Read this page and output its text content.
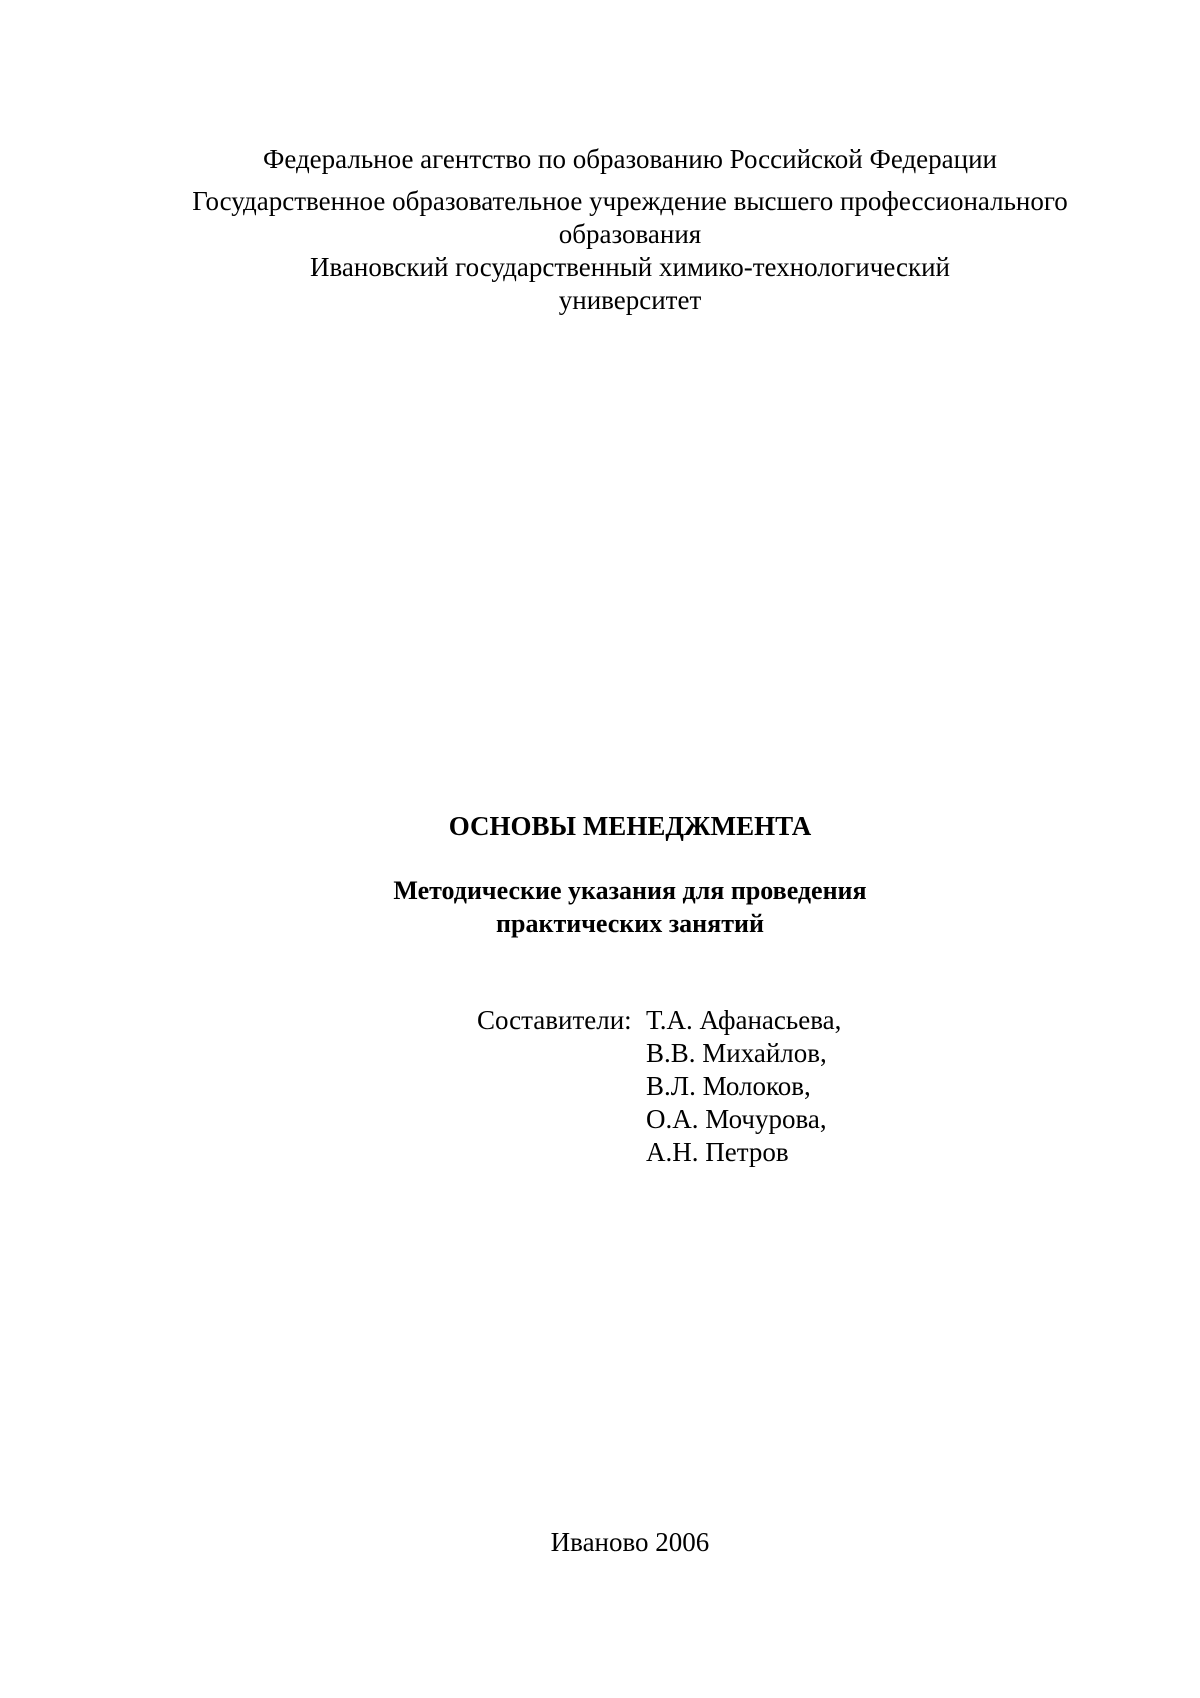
Федеральное агентство по образованию Российской Федерации
Государственное образовательное учреждение высшего профессионального
образования
Ивановский государственный химико-технологический
университет
ОСНОВЫ МЕНЕДЖМЕНТА
Методические указания для проведения
практических занятий
Составители: Т.А. Афанасьева,
В.В. Михайлов,
В.Л. Молоков,
О.А. Мочурова,
А.Н. Петров
Иваново 2006
